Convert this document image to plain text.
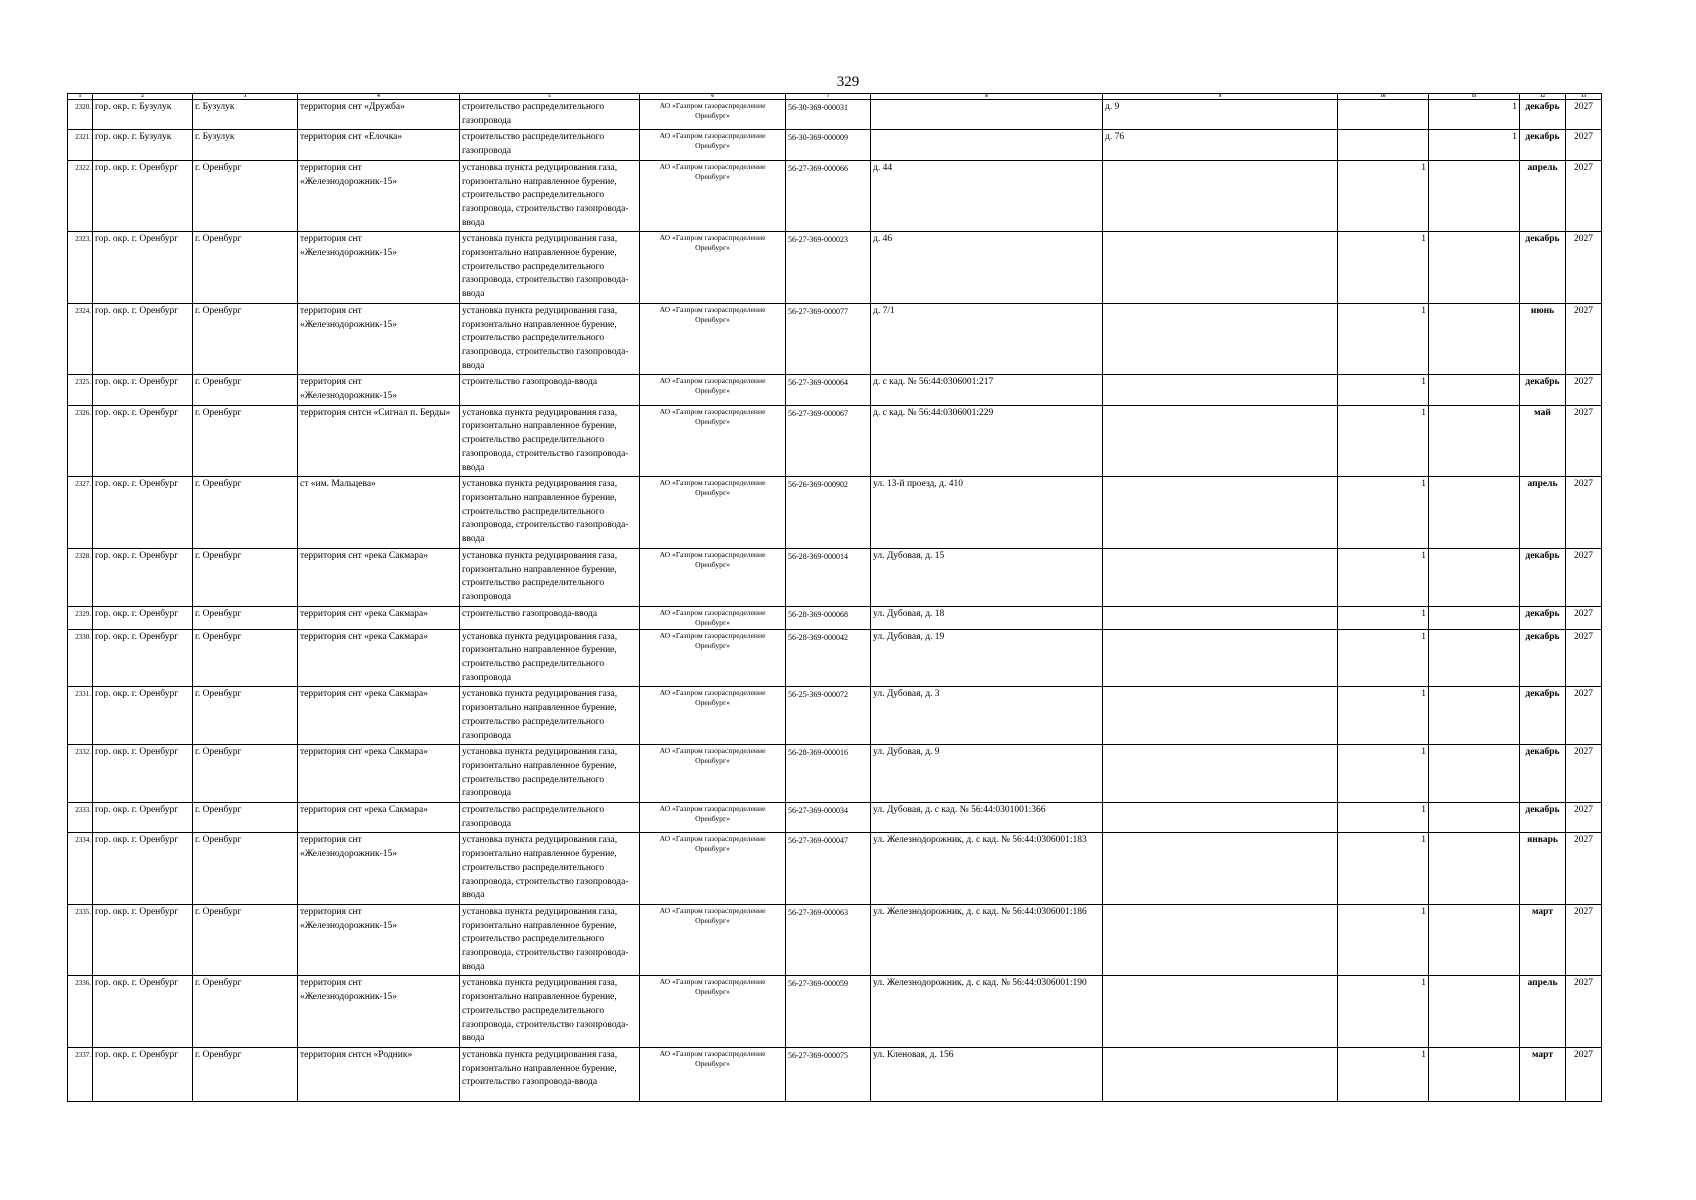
329
1	2	3	4	5	6	7	8	9	10	11	12	13
2320.	гор. окр. г. Бузулук	г. Бузулук	территория снт «Дружба»	строительство распределительного газопровода	АО «Газпром газораспределение Оренбург»	56-30-369-000031		д. 9		1	декабрь	2027
2321.	гор. окр. г. Бузулук	г. Бузулук	территория снт «Елочка»	строительство распределительного газопровода	АО «Газпром газораспределение Оренбург»	56-30-369-000009		д. 76		1	декабрь	2027
2322.	гор. окр. г. Оренбург	г. Оренбург	территория снт «Железнодорожник-15»	установка пункта редуцирования газа, горизонтально направленное бурение, строительство распределительного газопровода, строительство газопровода-ввода	АО «Газпром газораспределение Оренбург»	56-27-369-000066	д. 44		1		апрель	2027
2323.	гор. окр. г. Оренбург	г. Оренбург	территория снт «Железнодорожник-15»	установка пункта редуцирования газа, горизонтально направленное бурение, строительство распределительного газопровода, строительство газопровода-ввода	АО «Газпром газораспределение Оренбург»	56-27-369-000023	д. 46		1		декабрь	2027
2324.	гор. окр. г. Оренбург	г. Оренбург	территория снт «Железнодорожник-15»	установка пункта редуцирования газа, горизонтально направленное бурение, строительство распределительного газопровода, строительство газопровода-ввода	АО «Газпром газораспределение Оренбург»	56-27-369-000077	д. 7/1		1		июнь	2027
2325.	гор. окр. г. Оренбург	г. Оренбург	территория снт «Железнодорожник-15»	строительство газопровода-ввода	АО «Газпром газораспределение Оренбург»	56-27-369-000064	д. с кад. № 56:44:0306001:217		1		декабрь	2027
2326.	гор. окр. г. Оренбург	г. Оренбург	территория снтсн «Сигнал п. Берды»	установка пункта редуцирования газа, горизонтально направленное бурение, строительство распределительного газопровода, строительство газопровода-ввода	АО «Газпром газораспределение Оренбург»	56-27-369-000067	д. с кад. № 56:44:0306001:229		1		май	2027
2327.	гор. окр. г. Оренбург	г. Оренбург	ст «им. Мальцева»	установка пункта редуцирования газа, горизонтально направленное бурение, строительство распределительного газопровода, строительство газопровода-ввода	АО «Газпром газораспределение Оренбург»	56-26-369-000902	ул. 13-й проезд, д. 410		1		апрель	2027
2328.	гор. окр. г. Оренбург	г. Оренбург	территория снт «река Сакмара»	установка пункта редуцирования газа, горизонтально направленное бурение, строительство распределительного газопровода	АО «Газпром газораспределение Оренбург»	56-28-369-000014	ул. Дубовая, д. 15		1		декабрь	2027
2329.	гор. окр. г. Оренбург	г. Оренбург	территория снт «река Сакмара»	строительство газопровода-ввода	АО «Газпром газораспределение Оренбург»	56-28-369-000068	ул. Дубовая, д. 18		1		декабрь	2027
2330.	гор. окр. г. Оренбург	г. Оренбург	территория снт «река Сакмара»	установка пункта редуцирования газа, горизонтально направленное бурение, строительство распределительного газопровода	АО «Газпром газораспределение Оренбург»	56-28-369-000042	ул. Дубовая, д. 19		1		декабрь	2027
2331.	гор. окр. г. Оренбург	г. Оренбург	территория снт «река Сакмара»	установка пункта редуцирования газа, горизонтально направленное бурение, строительство распределительного газопровода	АО «Газпром газораспределение Оренбург»	56-25-369-000072	ул. Дубовая, д. 3		1		декабрь	2027
2332.	гор. окр. г. Оренбург	г. Оренбург	территория снт «река Сакмара»	установка пункта редуцирования газа, горизонтально направленное бурение, строительство распределительного газопровода	АО «Газпром газораспределение Оренбург»	56-28-369-000016	ул. Дубовая, д. 9		1		декабрь	2027
2333.	гор. окр. г. Оренбург	г. Оренбург	территория снт «река Сакмара»	строительство распределительного газопровода	АО «Газпром газораспределение Оренбург»	56-27-369-000034	ул. Дубовая, д. с кад. № 56:44:0301001:366		1		декабрь	2027
2334.	гор. окр. г. Оренбург	г. Оренбург	территория снт «Железнодорожник-15»	установка пункта редуцирования газа, горизонтально направленное бурение, строительство распределительного газопровода, строительство газопровода-ввода	АО «Газпром газораспределение Оренбург»	56-27-369-000047	ул. Железнодорожник, д. с кад. № 56:44:0306001:183		1		январь	2027
2335.	гор. окр. г. Оренбург	г. Оренбург	территория снт «Железнодорожник-15»	установка пункта редуцирования газа, горизонтально направленное бурение, строительство распределительного газопровода, строительство газопровода-ввода	АО «Газпром газораспределение Оренбург»	56-27-369-000063	ул. Железнодорожник, д. с кад. № 56:44:0306001:186		1		март	2027
2336.	гор. окр. г. Оренбург	г. Оренбург	территория снт «Железнодорожник-15»	установка пункта редуцирования газа, горизонтально направленное бурение, строительство распределительного газопровода, строительство газопровода-ввода	АО «Газпром газораспределение Оренбург»	56-27-369-000059	ул. Железнодорожник, д. с кад. № 56:44:0306001:190		1		апрель	2027
2337.	гор. окр. г. Оренбург	г. Оренбург	территория снтсн «Родник»	установка пункта редуцирования газа, горизонтально направленное бурение, строительство газопровода-ввода	АО «Газпром газораспределение Оренбург»	56-27-369-000075	ул. Кленовая, д. 156		1		март	2027
